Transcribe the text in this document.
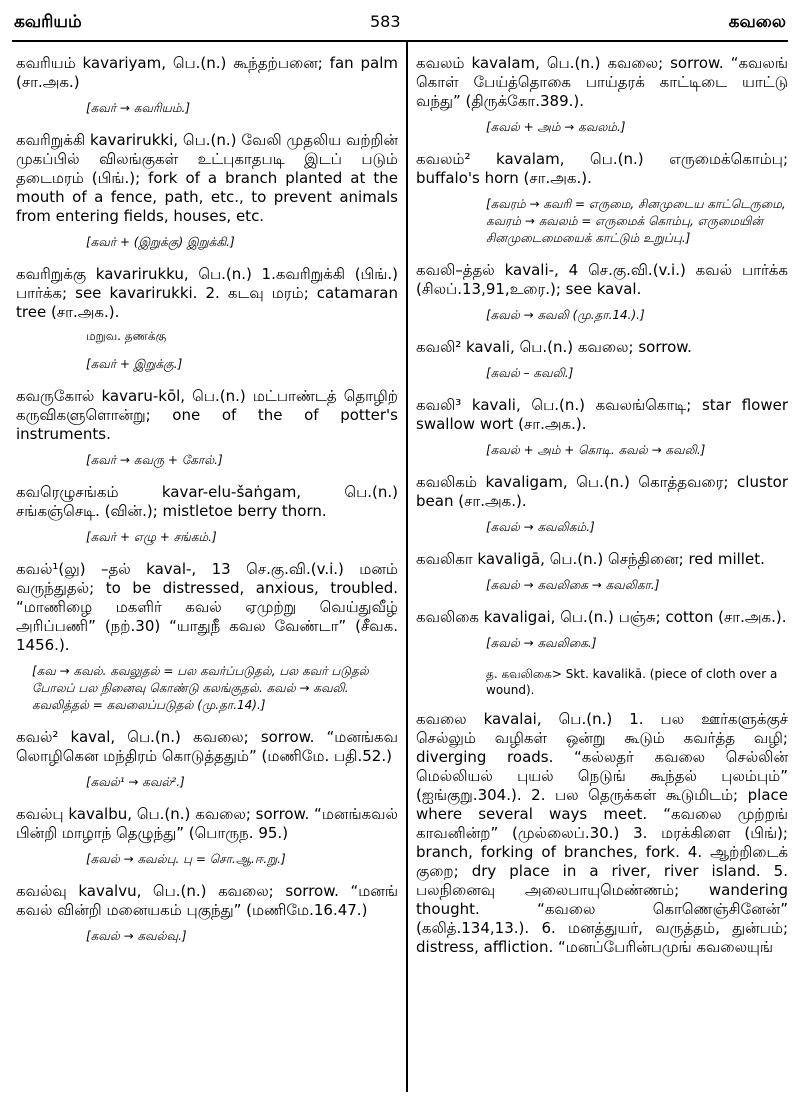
கவரியம்	583	கவலை

கவரியம் kavariyam, பெ.(n.) கூந்தற்பனை; fan palm (சா.அக.)

[கவர் → கவரியம்.]

கவரிறுக்கி kavarirukki, பெ.(n.) வேலி முதலிய வற்றின் முகப்பில் விலங்குகள் உட்புகாதபடி இடப் படும் தடைமரம் (பிங்.); fork of a branch planted at the mouth of a fence, path, etc., to prevent animals from entering fields, houses, etc.

[கவர் + (இறுக்கு) இறுக்கி.]

கவரிறுக்கு kavarirukku, பெ.(n.) 1.கவரிறுக்கி (பிங்.) பார்க்க; see kavarirukki. 2. கடவு மரம்; catamaran tree (சா.அக.).

மறுவ. தணக்கு

[கவர் + இறுக்கு.]

கவருகோல் kavaru-kōl, பெ.(n.) மட்பாண்டத் தொழிற் கருவிகளுளொன்று; one of the of potter's instruments.

[கவர் → கவரு + கோல்.]

கவரெழுசங்கம் kavar-elu-šaṅgam, பெ.(n.) சங்கஞ்செடி. (வின்.); mistletoe berry thorn.

[கவர் + எழு + சங்கம்.]

கவல்¹(லு) –தல் kaval-, 13 செ.கு.வி.(v.i.) மனம் வருந்துதல்; to be distressed, anxious, troubled. “மாணிழை மகளிர் கவல் ஏமுற்று வெய்துவீழ் அரிப்பணி” (நற்.30) “யாதுநீ கவல வேண்டா” (சீவக. 1456.).

[கவ → கவல். கவலுதல் = பல கவர்ப்படுதல், பல கவர் படுதல் போலப் பல நினைவு கொண்டு கலங்குதல். கவல் → கவலி. கவலித்தல் = கவலைப்படுதல் (மு.தா.14).]

கவல்² kaval, பெ.(n.) கவலை; sorrow. “மனங்கவ லொழிகென மந்திரம் கொடுத்ததும்” (மணிமே. பதி.52.)

[கவல்¹ → கவல்².]

கவல்பு kavalbu, பெ.(n.) கவலை; sorrow. “மனங்கவல் பின்றி மாழாந் தெழுந்து” (பொருந. 95.)

[கவல் → கவல்பு. பு = சொ.ஆ.ஈ.று.]

கவல்வு kavalvu, பெ.(n.) கவலை; sorrow. “மனங் கவல் வின்றி மனையகம் புகுந்து” (மணிமே.16.47.)

[கவல் → கவல்வு.]

கவலம் kavalam, பெ.(n.) கவலை; sorrow. “கவலங் கொள் பேய்த்தொகை பாய்தரக் காட்டிடை யாட்டு வந்து” (திருக்கோ.389.).

[கவல் + அம் → கவலம்.]

கவலம்² kavalam, பெ.(n.) எருமைக்கொம்பு; buffalo's horn (சா.அக.).

[கவரம் → கவரி = எருமை, சினமுடைய காட்டெருமை, கவரம் → கவலம் = எருமைக் கொம்பு, எருமையின் சினமுடைமையைக் காட்டும் உறுப்பு.]

கவலி–த்தல் kavali-, 4 செ.கு.வி.(v.i.) கவல் பார்க்க (சிலப்.13,91,உரை.); see kaval.

[கவல் → கவலி (மு.தா.14.).]

கவலி² kavali, பெ.(n.) கவலை; sorrow.

[கவல் – கவலி.]

கவலி³ kavali, பெ.(n.) கவலங்கொடி; star flower swallow wort (சா.அக.).

[கவல் + அம் + கொடி. கவல் → கவலி.]

கவலிகம் kavaligam, பெ.(n.) கொத்தவரை; clustor bean (சா.அக.).

[கவல் → கவலிகம்.]

கவலிகா kavaligā, பெ.(n.) செந்தினை; red millet.

[கவல் → கவலிகை → கவலிகா.]

கவலிகை kavaligai, பெ.(n.) பஞ்சு; cotton (சா.அக.).

[கவல் → கவலிகை.]

த. கவலிகை> Skt. kavalikā. (piece of cloth over a wound).

கவலை kavalai, பெ.(n.) 1. பல ஊர்களுக்குச் செல்லும் வழிகள் ஒன்று கூடும் கவர்த்த வழி; diverging roads. “கல்லதர் கவலை செல்லின் மெல்லியல் புயல் நெடுங் கூந்தல் புலம்பும்” (ஐங்குறு.304.). 2. பல தெருக்கள் கூடுமிடம்; place where several ways meet. “கவலை முற்றங் காவனின்ற” (முல்லைப்.30.) 3. மரக்கிளை (பிங்); branch, forking of branches, fork. 4. ஆற்றிடைக் குறை; dry place in a river, river island. 5. பலநினைவு அலைபாயுமெண்ணம்; wandering thought. “கவலை கொணெஞ்சினேன்” (கலித்.134,13.). 6. மனத்துயர், வருத்தம், துன்பம்; distress, affliction. “மனப்பேரின்பமுங் கவலையுங்
